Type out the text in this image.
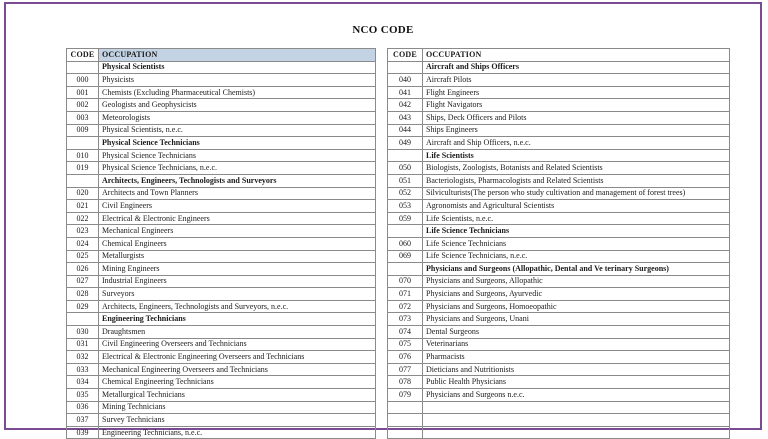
NCO CODE
CODE	OCCUPATION
	Physical Scientists
000	Physicists
001	Chemists (Excluding Pharmaceutical Chemists)
002	Geologists and Geophysicists
003	Meteorologists
009	Physical Scientists, n.e.c.
	Physical Science Technicians
010	Physical Science Technicians
019	Physical Science Technicians, n.e.c.
	Architects, Engineers, Technologists and Surveyors
020	Architects and Town Planners
021	Civil Engineers
022	Electrical & Electronic Engineers
023	Mechanical Engineers
024	Chemical Engineers
025	Metallurgists
026	Mining Engineers
027	Industrial Engineers
028	Surveyors
029	Architects, Engineers, Technologists and Surveyors, n.e.c.
	Engineering Technicians
030	Draughtsmen
031	Civil Engineering Overseers and Technicians
032	Electrical & Electronic Engineering Overseers and Technicians
033	Mechanical Engineering Overseers and Technicians
034	Chemical Engineering Technicians
035	Metallurgical Technicians
036	Mining Technicians
037	Survey Technicians
039	Engineering Technicians, n.e.c.
CODE	OCCUPATION
	Aircraft and Ships Officers
040	Aircraft Pilots
041	Flight Engineers
042	Flight Navigators
043	Ships, Deck Officers and Pilots
044	Ships Engineers
049	Aircraft and Ship Officers, n.e.c.
	Life Scientists
050	Biologists, Zoologists, Botanists and Related Scientists
051	Bacteriologists, Pharmacologists and Related Scientists
052	Silviculturists(The person who study cultivation and management of forest trees)
053	Agronomists and Agricultural Scientists
059	Life Scientists, n.e.c.
	Life Science Technicians
060	Life Science Technicians
069	Life Science Technicians, n.e.c.
	Physicians and Surgeons (Allopathic, Dental and Ve terinary Surgeons)
070	Physicians and Surgeons, Allopathic
071	Physicians and Surgeons, Ayurvedic
072	Physicians and Surgeons, Homoeopathic
073	Physicians and Surgeons, Unani
074	Dental Surgeons
075	Veterinarians
076	Pharmacists
077	Dieticians and Nutritionists
078	Public Health Physicians
079	Physicians and Surgeons n.e.c.
